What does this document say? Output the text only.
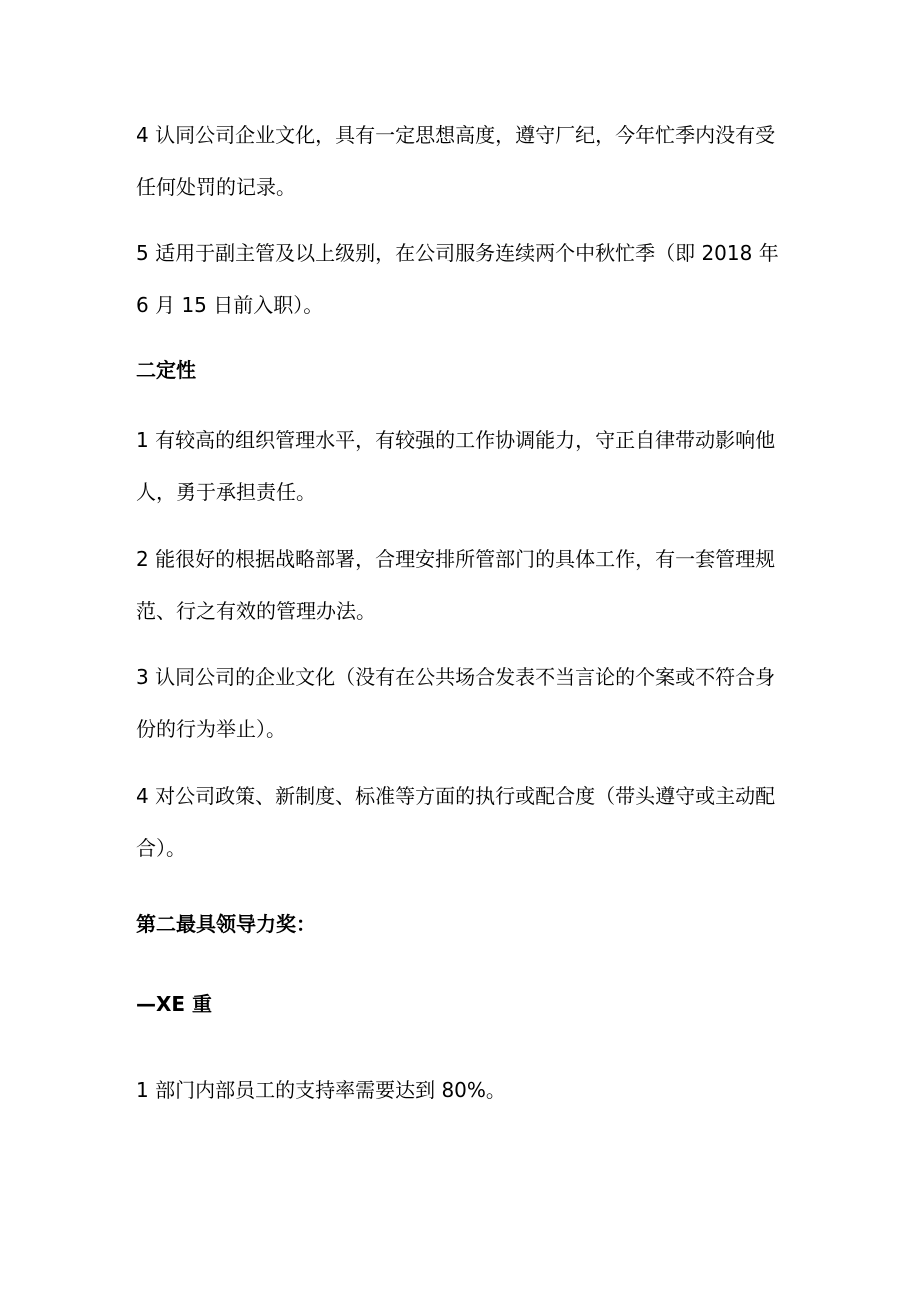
4 认同公司企业文化，具有一定思想高度，遵守厂纪，今年忙季内没有受
任何处罚的记录。

5 适用于副主管及以上级别，在公司服务连续两个中秋忙季（即 2018 年
6 月 15 日前入职）。

二定性

1 有较高的组织管理水平，有较强的工作协调能力，守正自律带动影响他
人，勇于承担责任。

2 能很好的根据战略部署，合理安排所管部门的具体工作，有一套管理规
范、行之有效的管理办法。

3 认同公司的企业文化（没有在公共场合发表不当言论的个案或不符合身
份的行为举止）。

4 对公司政策、新制度、标准等方面的执行或配合度（带头遵守或主动配
合）。

第二最具领导力奖：

—XE 重

1 部门内部员工的支持率需要达到 80%。
